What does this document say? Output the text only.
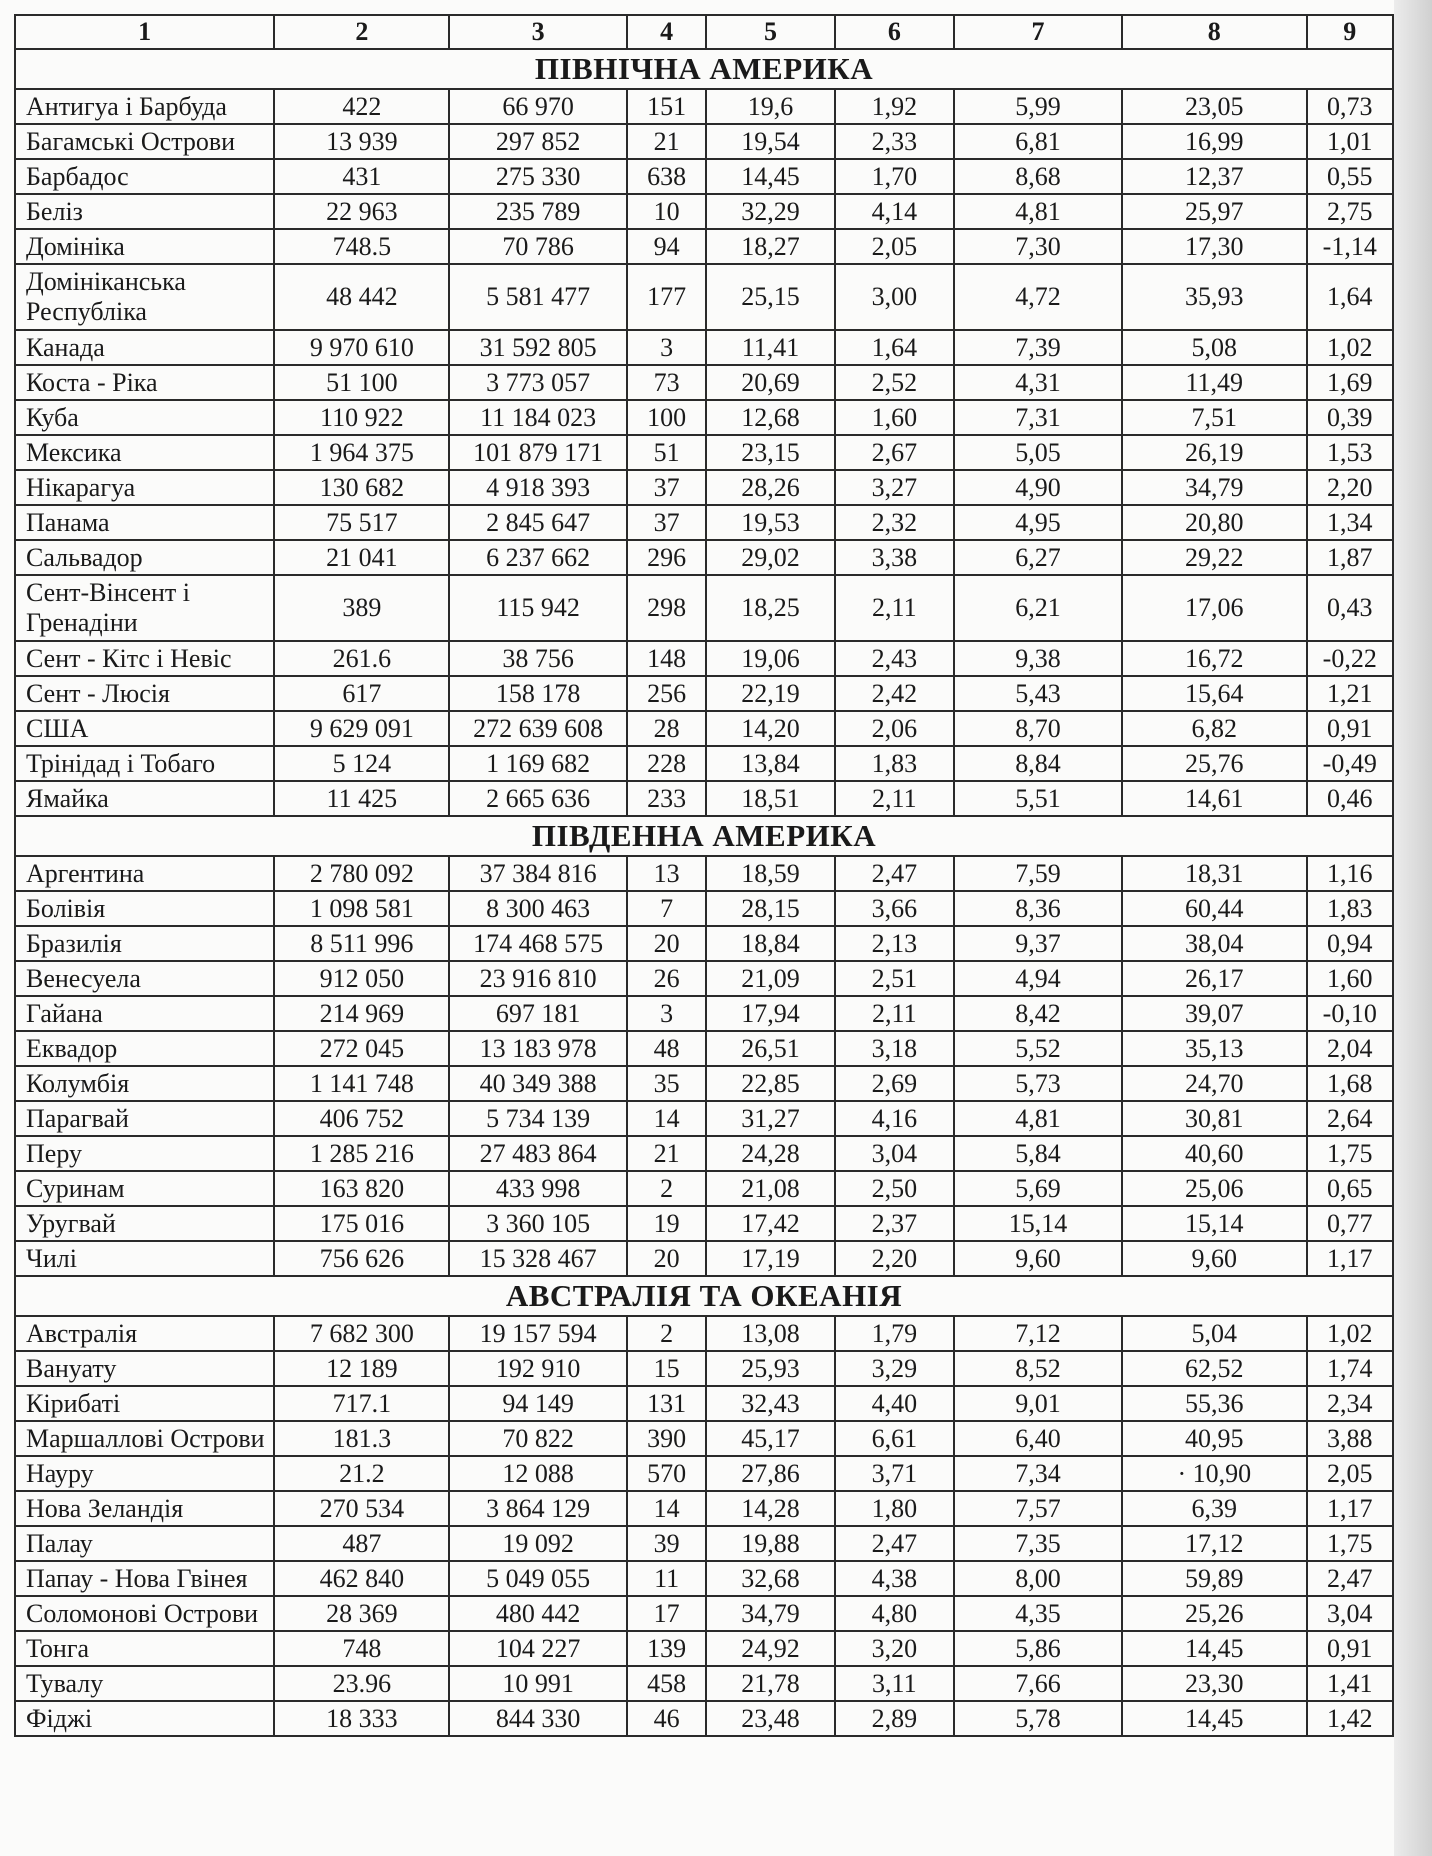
1	2	3	4	5	6	7	8	9
ПІВНІЧНА АМЕРИКА								
Антигуа і Барбуда	422	66 970	151	19,6	1,92	5,99	23,05	0,73
Багамські Острови	13 939	297 852	21	19,54	2,33	6,81	16,99	1,01
Барбадос	431	275 330	638	14,45	1,70	8,68	12,37	0,55
Беліз	22 963	235 789	10	32,29	4,14	4,81	25,97	2,75
Домініка	748.5	70 786	94	18,27	2,05	7,30	17,30	-1,14
Домініканська Республіка	48 442	5 581 477	177	25,15	3,00	4,72	35,93	1,64
Канада	9 970 610	31 592 805	3	11,41	1,64	7,39	5,08	1,02
Коста - Ріка	51 100	3 773 057	73	20,69	2,52	4,31	11,49	1,69
Куба	110 922	11 184 023	100	12,68	1,60	7,31	7,51	0,39
Мексика	1 964 375	101 879 171	51	23,15	2,67	5,05	26,19	1,53
Нікарагуа	130 682	4 918 393	37	28,26	3,27	4,90	34,79	2,20
Панама	75 517	2 845 647	37	19,53	2,32	4,95	20,80	1,34
Сальвадор	21 041	6 237 662	296	29,02	3,38	6,27	29,22	1,87
Сент-Вінсент і Гренадіни	389	115 942	298	18,25	2,11	6,21	17,06	0,43
Сент - Кітс і Невіс	261.6	38 756	148	19,06	2,43	9,38	16,72	-0,22
Сент - Люсія	617	158 178	256	22,19	2,42	5,43	15,64	1,21
США	9 629 091	272 639 608	28	14,20	2,06	8,70	6,82	0,91
Трінідад і Тобаго	5 124	1 169 682	228	13,84	1,83	8,84	25,76	-0,49
Ямайка	11 425	2 665 636	233	18,51	2,11	5,51	14,61	0,46
ПІВДЕННА АМЕРИКА								
Аргентина	2 780 092	37 384 816	13	18,59	2,47	7,59	18,31	1,16
Болівія	1 098 581	8 300 463	7	28,15	3,66	8,36	60,44	1,83
Бразилія	8 511 996	174 468 575	20	18,84	2,13	9,37	38,04	0,94
Венесуела	912 050	23 916 810	26	21,09	2,51	4,94	26,17	1,60
Гайана	214 969	697 181	3	17,94	2,11	8,42	39,07	-0,10
Еквадор	272 045	13 183 978	48	26,51	3,18	5,52	35,13	2,04
Колумбія	1 141 748	40 349 388	35	22,85	2,69	5,73	24,70	1,68
Парагвай	406 752	5 734 139	14	31,27	4,16	4,81	30,81	2,64
Перу	1 285 216	27 483 864	21	24,28	3,04	5,84	40,60	1,75
Суринам	163 820	433 998	2	21,08	2,50	5,69	25,06	0,65
Уругвай	175 016	3 360 105	19	17,42	2,37	15,14	15,14	0,77
Чилі	756 626	15 328 467	20	17,19	2,20	9,60	9,60	1,17
АВСТРАЛІЯ ТА ОКЕАНІЯ								
Австралія	7 682 300	19 157 594	2	13,08	1,79	7,12	5,04	1,02
Вануату	12 189	192 910	15	25,93	3,29	8,52	62,52	1,74
Кірибаті	717.1	94 149	131	32,43	4,40	9,01	55,36	2,34
Маршаллові Острови	181.3	70 822	390	45,17	6,61	6,40	40,95	3,88
Науру	21.2	12 088	570	27,86	3,71	7,34	· 10,90	2,05
Нова Зеландія	270 534	3 864 129	14	14,28	1,80	7,57	6,39	1,17
Палау	487	19 092	39	19,88	2,47	7,35	17,12	1,75
Папау - Нова Гвінея	462 840	5 049 055	11	32,68	4,38	8,00	59,89	2,47
Соломонові Острови	28 369	480 442	17	34,79	4,80	4,35	25,26	3,04
Тонга	748	104 227	139	24,92	3,20	5,86	14,45	0,91
Тувалу	23.96	10 991	458	21,78	3,11	7,66	23,30	1,41
Фіджі	18 333	844 330	46	23,48	2,89	5,78	14,45	1,42
